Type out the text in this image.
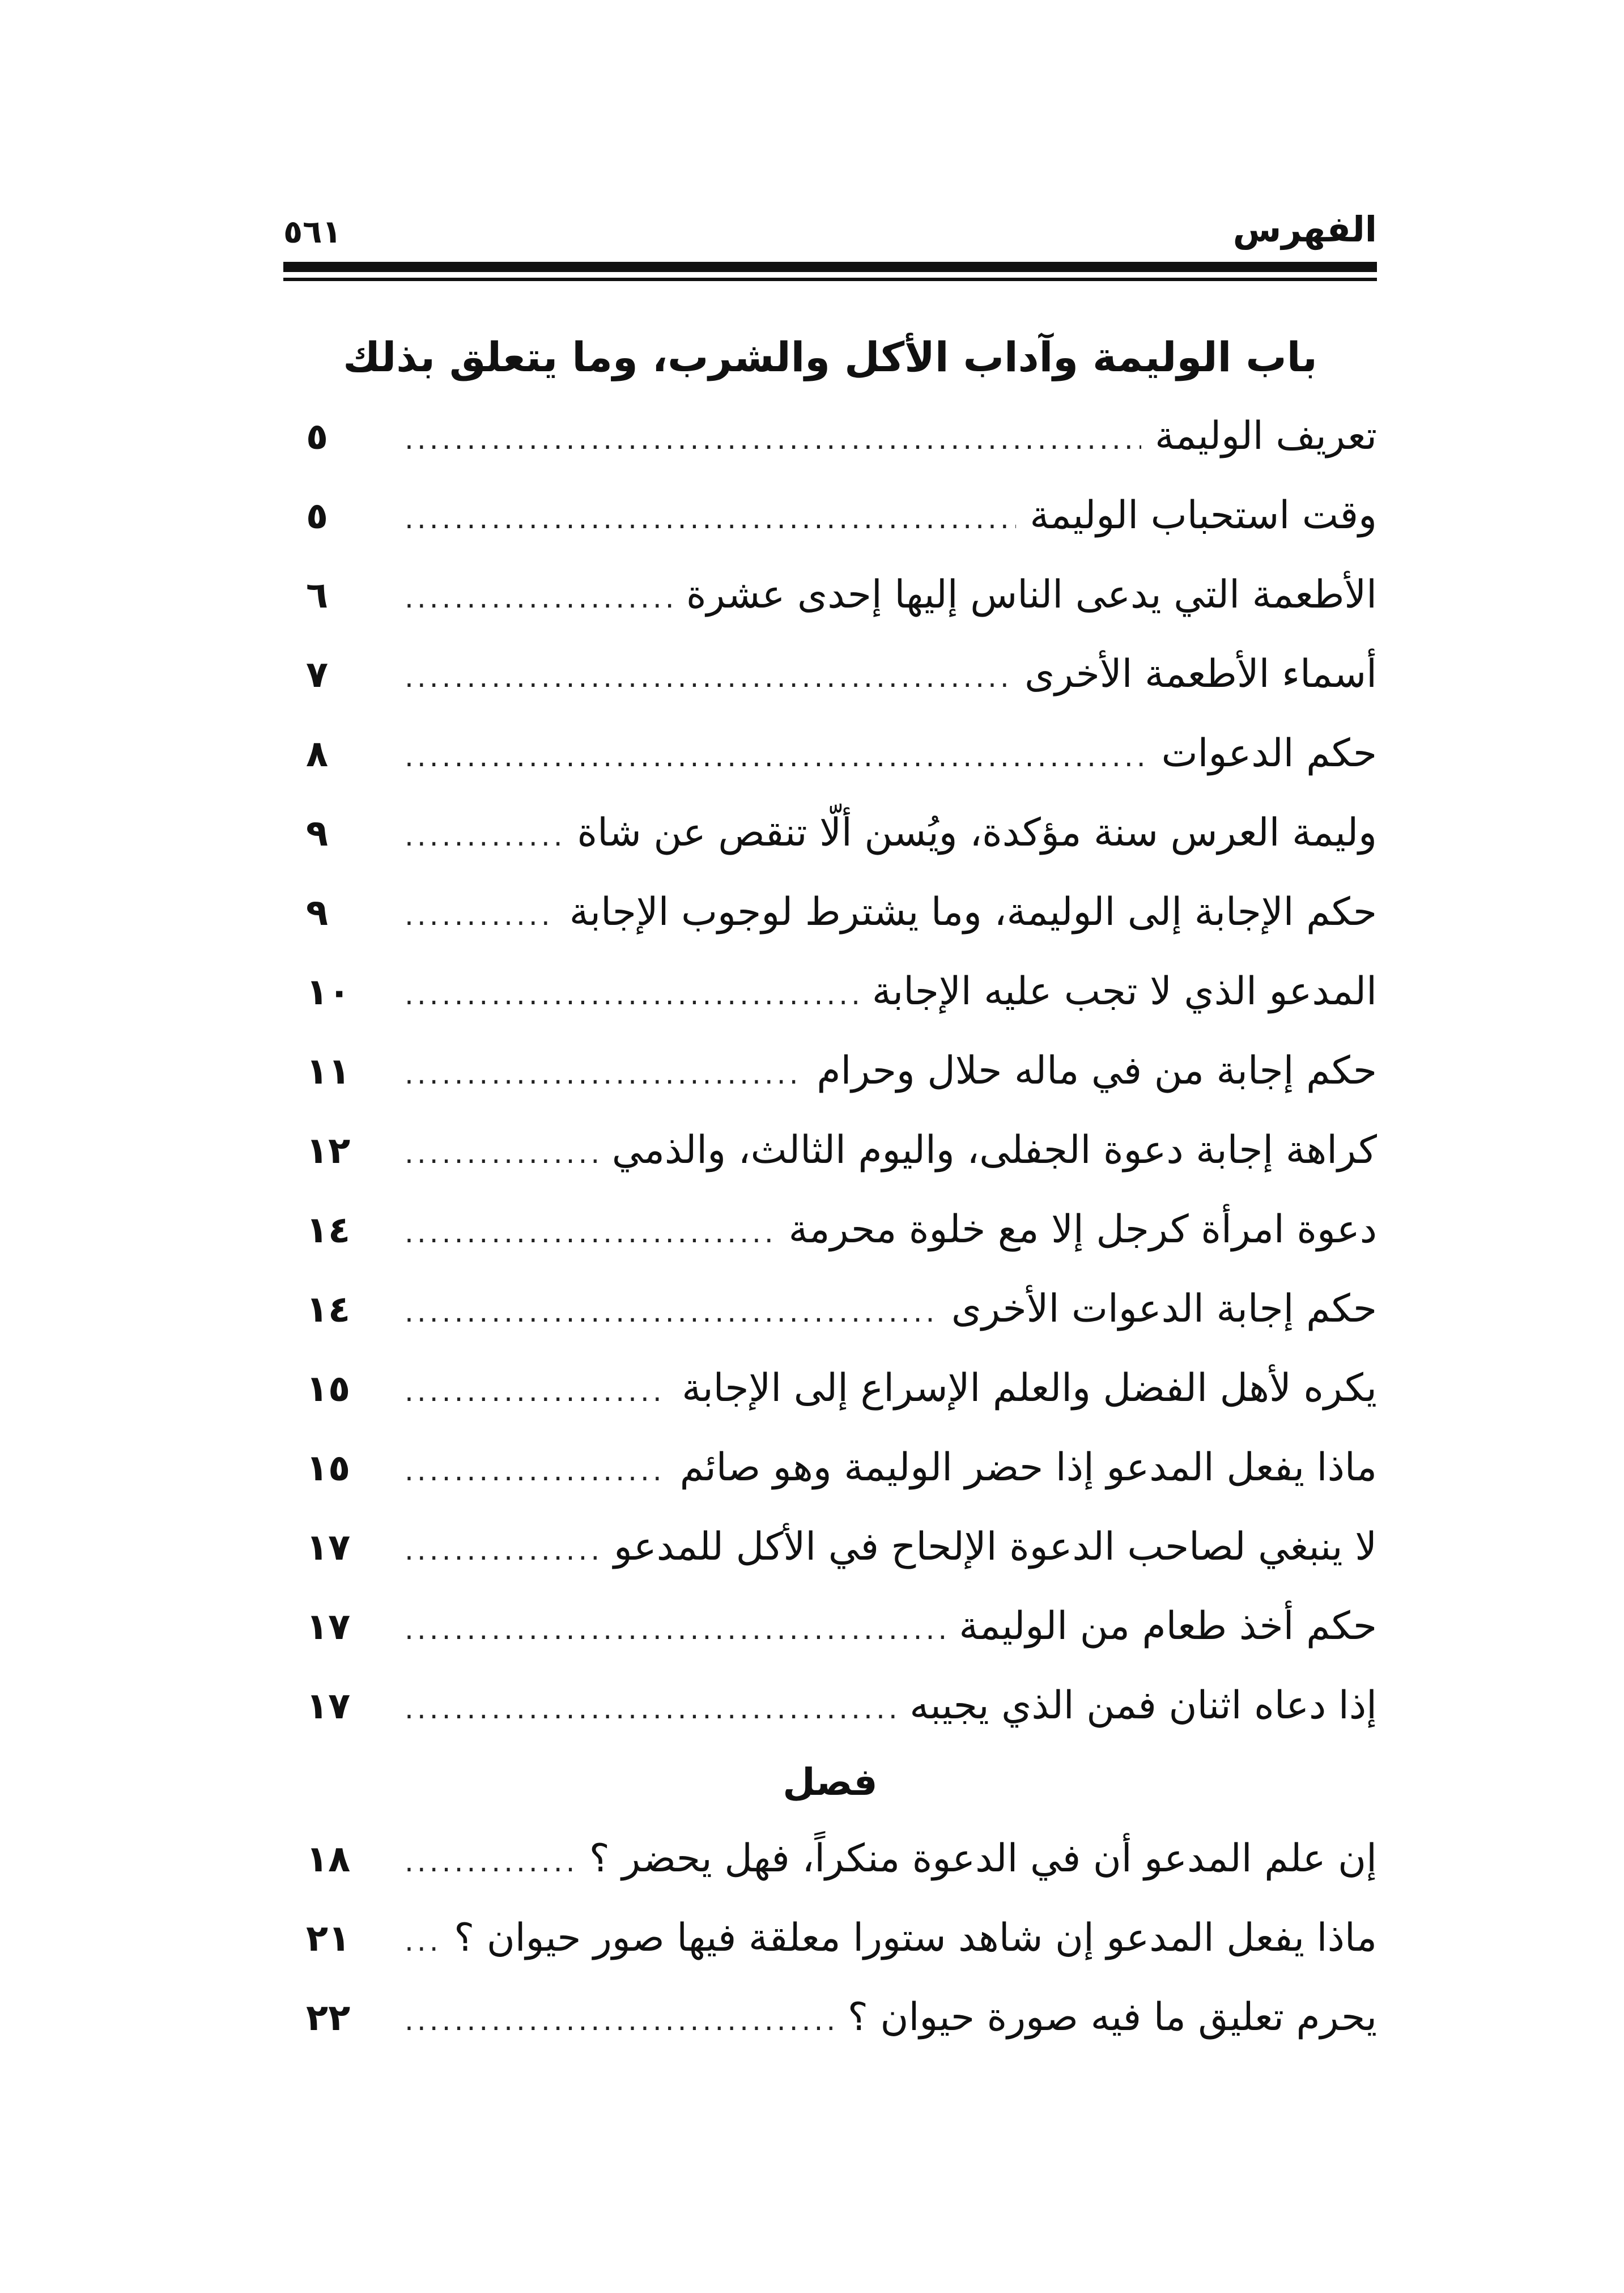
٥٦١	الفهرس
باب الوليمة وآداب الأكل والشرب، وما يتعلق بذلك
تعريف الوليمة
.....
٥
وقت استحباب الوليمة
.....
٥
الأطعمة التي يدعى الناس إليها إحدى عشرة
.....
٦
أسماء الأطعمة الأخرى
.....
٧
حكم الدعوات
.....
٨
وليمة العرس سنة مؤكدة، ويُسن ألّا تنقص عن شاة
.....
٩
حكم الإجابة إلى الوليمة، وما يشترط لوجوب الإجابة
.....
٩
المدعو الذي لا تجب عليه الإجابة
.....
١٠
حكم إجابة من في ماله حلال وحرام
.....
١١
كراهة إجابة دعوة الجفلى، واليوم الثالث، والذمي
.....
١٢
دعوة امرأة كرجل إلا مع خلوة محرمة
.....
١٤
حكم إجابة الدعوات الأخرى
.....
١٤
يكره لأهل الفضل والعلم الإسراع إلى الإجابة
.....
١٥
ماذا يفعل المدعو إذا حضر الوليمة وهو صائم
.....
١٥
لا ينبغي لصاحب الدعوة الإلحاح في الأكل للمدعو
.....
١٧
حكم أخذ طعام من الوليمة
.....
١٧
إذا دعاه اثنان فمن الذي يجيبه
.....
١٧
فصل
إن علم المدعو أن في الدعوة منكراً، فهل يحضر ؟
.....
١٨
ماذا يفعل المدعو إن شاهد ستورا معلقة فيها صور حيوان ؟
.....
٢١
يحرم تعليق ما فيه صورة حيوان ؟
.....
٢٢
